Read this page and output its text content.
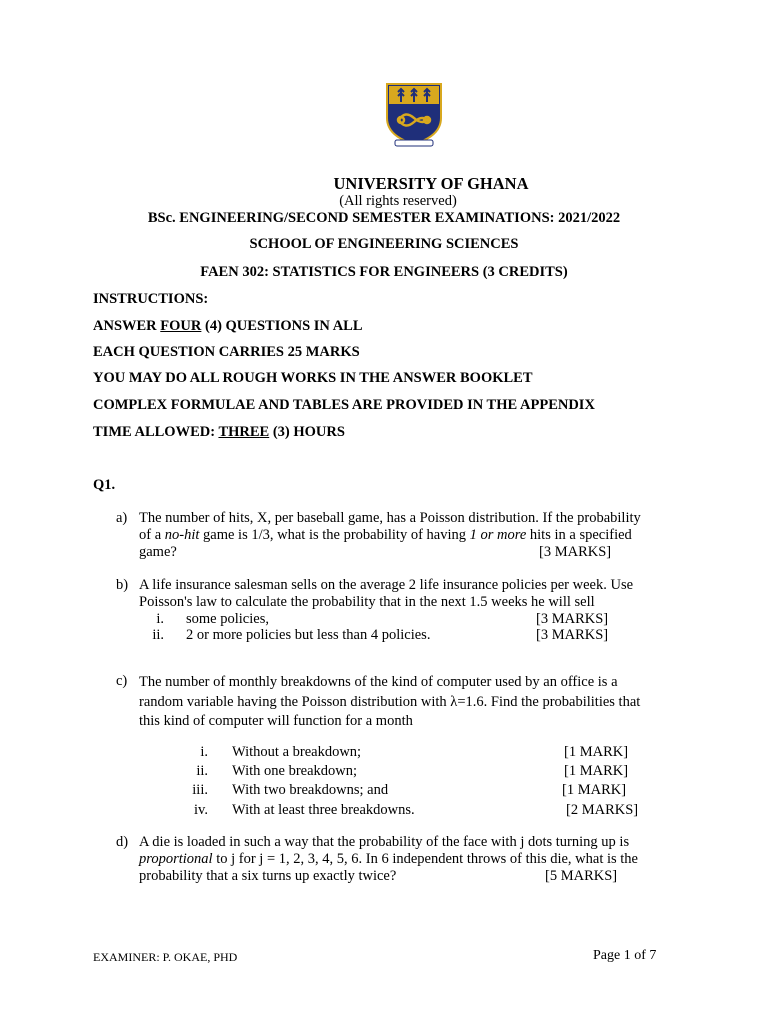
UNIVERSITY OF GHANA
(All rights reserved)
BSc. ENGINEERING/SECOND SEMESTER EXAMINATIONS: 2021/2022
SCHOOL OF ENGINEERING SCIENCES
FAEN 302: STATISTICS FOR ENGINEERS (3 CREDITS)
INSTRUCTIONS:
ANSWER FOUR (4) QUESTIONS IN ALL
EACH QUESTION CARRIES 25 MARKS
YOU MAY DO ALL ROUGH WORKS IN THE ANSWER BOOKLET
COMPLEX FORMULAE AND TABLES ARE PROVIDED IN THE APPENDIX
TIME ALLOWED: THREE (3) HOURS
Q1.
a) The number of hits, X, per baseball game, has a Poisson distribution. If the probability
of a no-hit game is 1/3, what is the probability of having 1 or more hits in a specified
game?	[3 MARKS]
b) A life insurance salesman sells on the average 2 life insurance policies per week. Use
Poisson's law to calculate the probability that in the next 1.5 weeks he will sell
i. some policies,	[3 MARKS]
ii. 2 or more policies but less than 4 policies.	[3 MARKS]
c) The number of monthly breakdowns of the kind of computer used by an office is a
random variable having the Poisson distribution with λ=1.6. Find the probabilities that
this kind of computer will function for a month
i. Without a breakdown;	[1 MARK]
ii. With one breakdown;	[1 MARK]
iii. With two breakdowns; and	[1 MARK]
iv. With at least three breakdowns.	[2 MARKS]
d) A die is loaded in such a way that the probability of the face with j dots turning up is
proportional to j for j = 1, 2, 3, 4, 5, 6. In 6 independent throws of this die, what is the
probability that a six turns up exactly twice?	[5 MARKS]
EXAMINER: P. OKAE, PHD	Page 1 of 7
